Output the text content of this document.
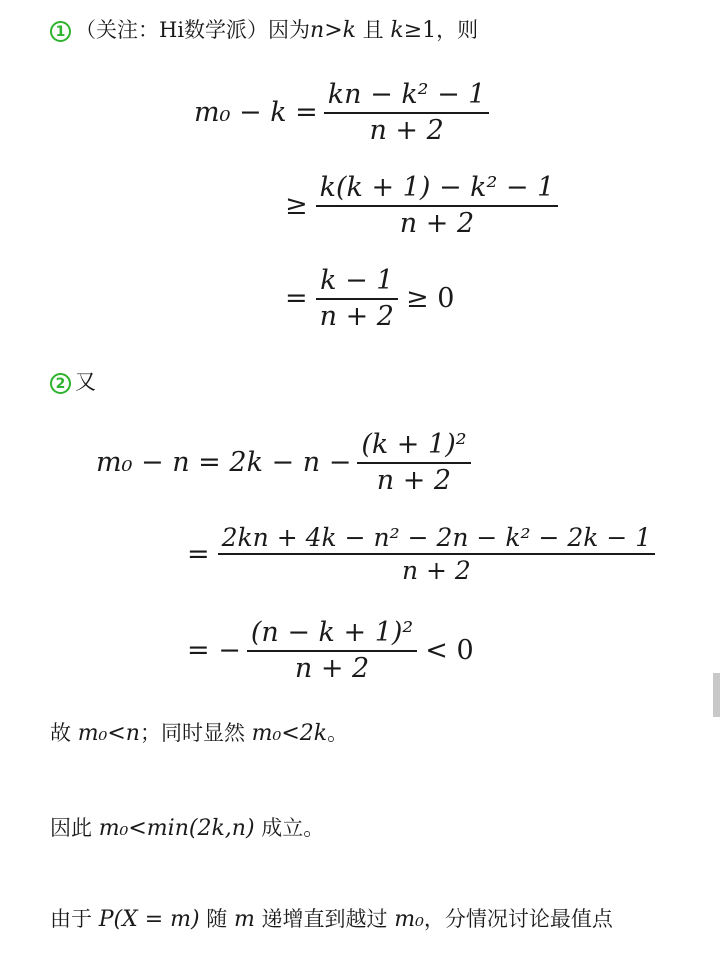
1 （关注：Hi数学派）因为n>k 且 k≥1，则
$m_0 - k = \frac{\text{kn − k² − 1}}{n + 2}$
≥ $\frac{\text{k(k + 1) − k² − 1}}{n + 2}$
= $\frac{k - 1}{n + 2} \ge 0$
2 又
$m_0 - n = 2k - n - \frac{\text{(k + 1)²}}{n + 2}$
= $\frac{\text{2kn + 4k − n² − 2n − k² − 2k − 1}}{n + 2}$
= − $\frac{\text{(n − k + 1)²}}{n + 2} < 0$
故 m₀<n；同时显然 m₀<2k。
因此 m₀<min(2k,n) 成立。
由于 P(X = m) 随 m 递增直到越过 m₀，分情况讨论最值点
